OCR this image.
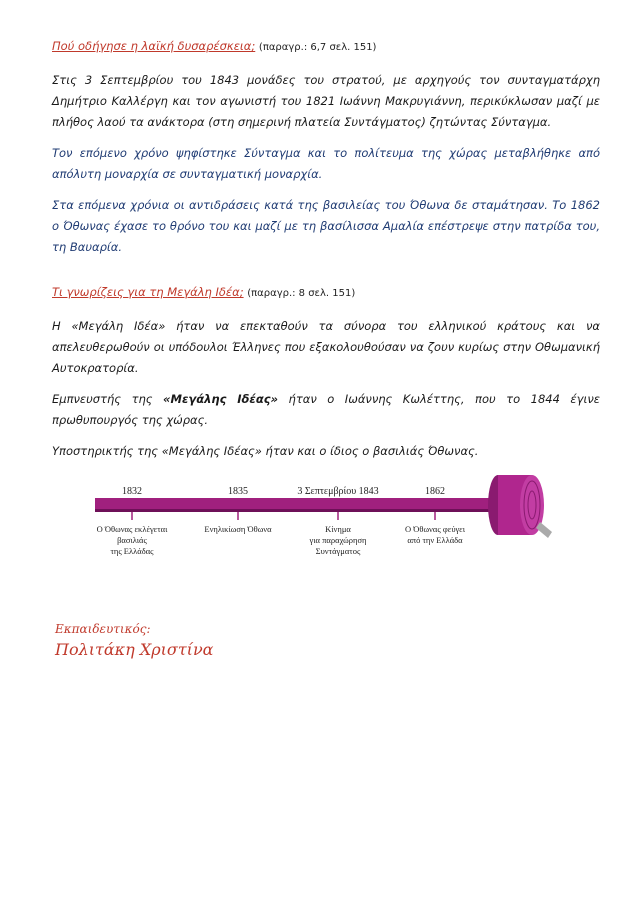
Πού οδήγησε η λαϊκή δυσαρέσκεια; (παραγρ.: 6,7 σελ. 151)

Στις 3 Σεπτεμβρίου του 1843 μονάδες του στρατού, με αρχηγούς τον συνταγματάρχη Δημήτριο Καλλέργη και τον αγωνιστή του 1821 Ιωάννη Μακρυγιάννη, περικύκλωσαν μαζί με πλήθος λαού τα ανάκτορα (στη σημερινή πλατεία Συντάγματος) ζητώντας Σύνταγμα.

Τον επόμενο χρόνο ψηφίστηκε Σύνταγμα και το πολίτευμα της χώρας μεταβλήθηκε από απόλυτη μοναρχία σε συνταγματική μοναρχία.

Στα επόμενα χρόνια οι αντιδράσεις κατά της βασιλείας του Όθωνα δε σταμάτησαν. Το 1862 ο Όθωνας έχασε το θρόνο του και μαζί με τη βασίλισσα Αμαλία επέστρεψε στην πατρίδα του, τη Βαυαρία.

Τι γνωρίζεις για τη Μεγάλη Ιδέα; (παραγρ.: 8 σελ. 151)

Η «Μεγάλη Ιδέα» ήταν να επεκταθούν τα σύνορα του ελληνικού κράτους και να απελευθερωθούν οι υπόδουλοι Έλληνες που εξακολουθούσαν να ζουν κυρίως στην Οθωμανική Αυτοκρατορία.

Εμπνευστής της «Μεγάλης Ιδέας» ήταν ο Ιωάννης Κωλέττης, που το 1844 έγινε πρωθυπουργός της χώρας.

Υποστηρικτής της «Μεγάλης Ιδέας» ήταν και ο ίδιος ο βασιλιάς Όθωνας.

1832
Ο Όθωνας εκλέγεται
βασιλιάς
της Ελλάδας
1835
Ενηλικίωση Όθωνα
3 Σεπτεμβρίου 1843
Κίνημα
για παραχώρηση
Συντάγματος
1862
Ο Όθωνας φεύγει
από την Ελλάδα
Εκπαιδευτικός:
Πολιτάκη Χριστίνα
